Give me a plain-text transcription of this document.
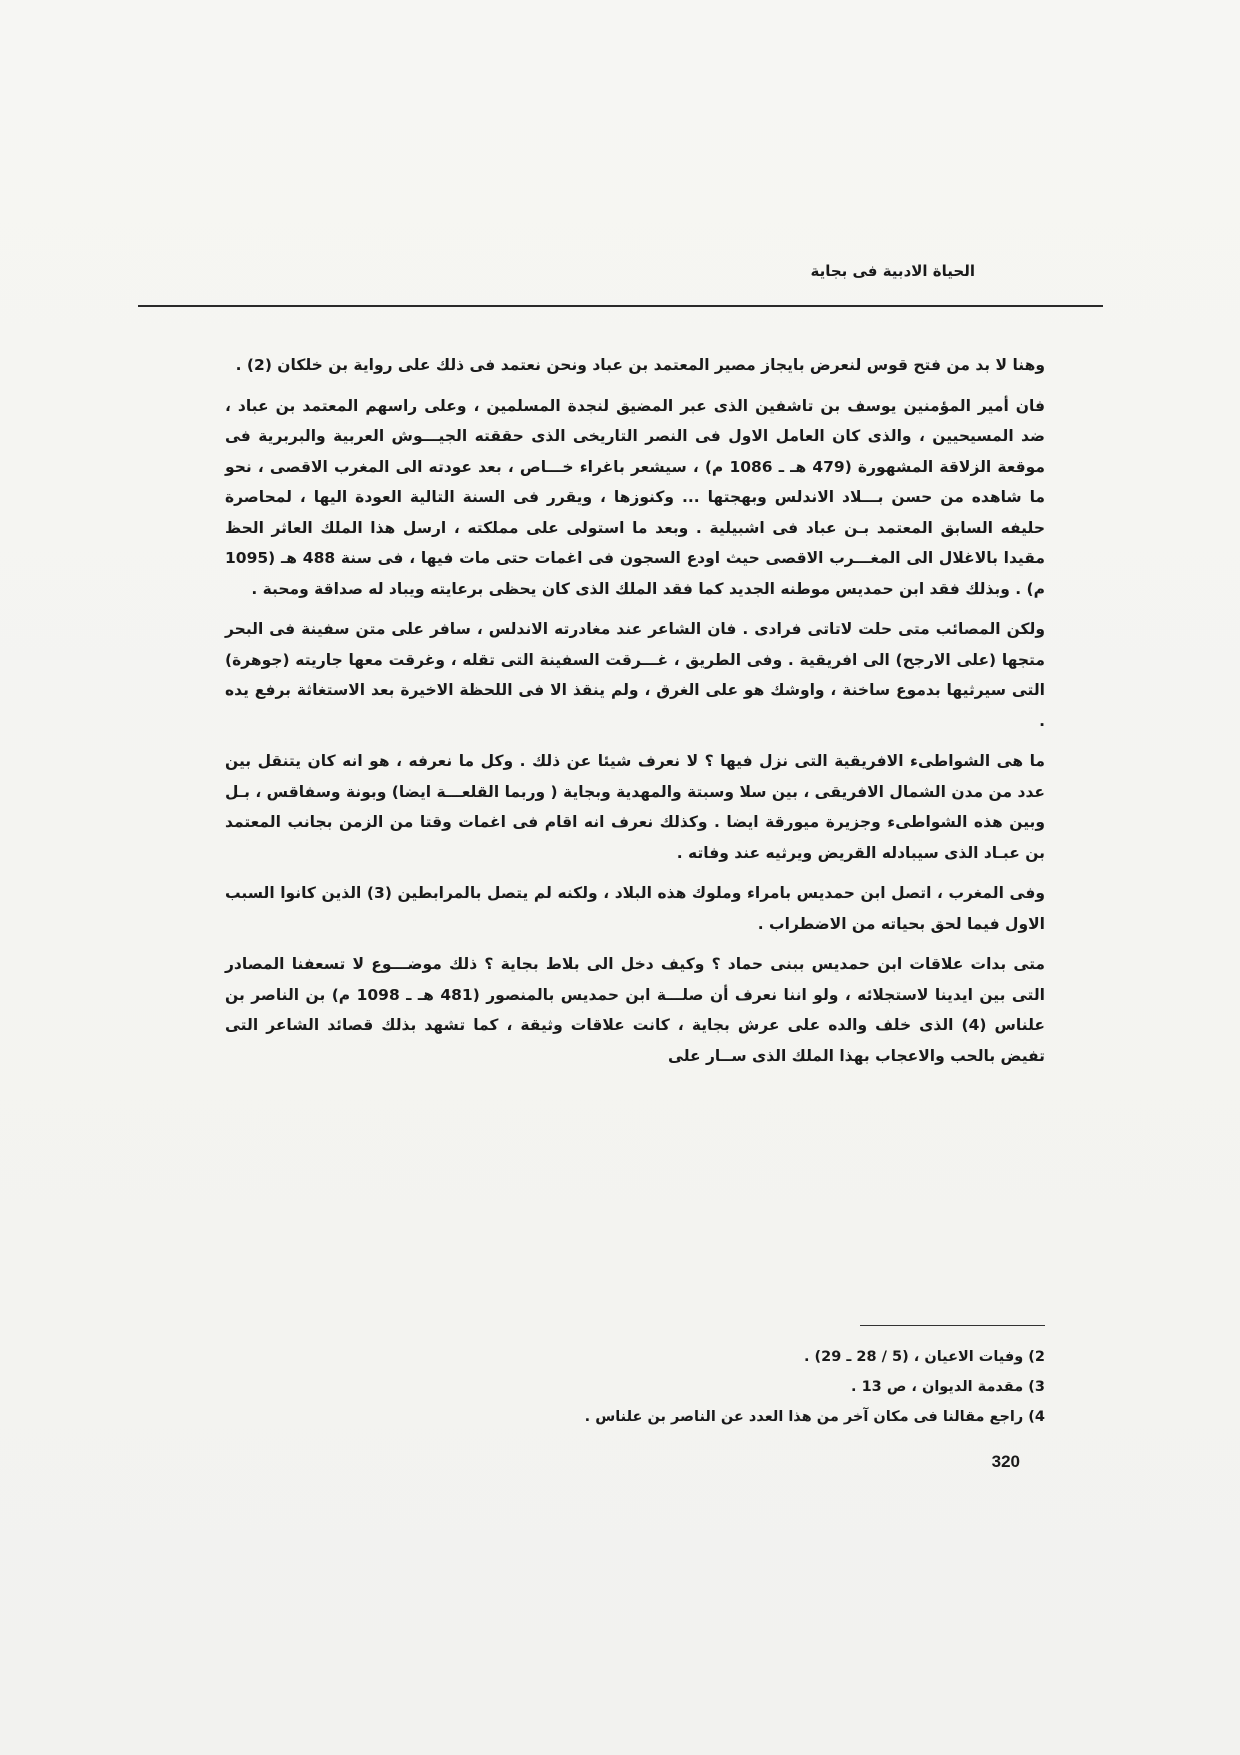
الحياة الادبية فى بجاية

وهنا لا بد من فتح قوس لنعرض بايجاز مصير المعتمد بن عباد ونحن نعتمد فى ذلك على رواية بن خلكان (2) .

فان أمير المؤمنين يوسف بن تاشفين الذى عبر المضيق لنجدة المسلمين ، وعلى راسهم المعتمد بن عباد ، ضد المسيحيين ، والذى كان العامل الاول فى النصر التاريخى الذى حققته الجيـــوش العربية والبربرية فى موقعة الزلاقة المشهورة (479 هـ ـ 1086 م) ، سيشعر باغراء خـــاص ، بعد عودته الى المغرب الاقصى ، نحو ما شاهده من حسن بـــلاد الاندلس وبهجتها ... وكنوزها ، ويقرر فى السنة التالية العودة اليها ، لمحاصرة حليفه السابق المعتمد بـن عباد فى اشبيلية . وبعد ما استولى على مملكته ، ارسل هذا الملك العاثر الحظ مقيدا بالاغلال الى المغـــرب الاقصى حيث اودع السجون فى اغمات حتى مات فيها ، فى سنة 488 هـ (1095 م) . وبذلك فقد ابن حمديس موطنه الجديد كما فقد الملك الذى كان يحظى برعايته ويباد له صداقة ومحبة .

ولكن المصائب متى حلت لاتاتى فرادى . فان الشاعر عند مغادرته الاندلس ، سافر على متن سفينة فى البحر متجها (على الارجح) الى افريقية . وفى الطريق ، غـــرقت السفينة التى تقله ، وغرقت معها جاريته (جوهرة) التى سيرثيها بدموع ساخنة ، واوشك هو على الغرق ، ولم ينقذ الا فى اللحظة الاخيرة بعد الاستغاثة برفع يده .

ما هى الشواطىء الافريقية التى نزل فيها ؟ لا نعرف شيئا عن ذلك . وكل ما نعرفه ، هو انه كان يتنقل بين عدد من مدن الشمال الافريقى ، بين سلا وسبتة والمهدية وبجاية ( وربما القلعـــة ايضا) وبونة وسفاقس ، بـل وبين هذه الشواطىء وجزيرة ميورقة ايضا . وكذلك نعرف انه اقام فى اغمات وقتا من الزمن بجانب المعتمد بن عبـاد الذى سيبادله القريض ويرثيه عند وفاته .

وفى المغرب ، اتصل ابن حمديس بامراء وملوك هذه البلاد ، ولكنه لم يتصل بالمرابطين (3) الذين كانوا السبب الاول فيما لحق بحياته من الاضطراب .

متى بدات علاقات ابن حمديس ببنى حماد ؟ وكيف دخل الى بلاط بجاية ؟ ذلك موضـــوع لا تسعفنا المصادر التى بين ايدينا لاستجلائه ، ولو اننا نعرف أن صلـــة ابن حمديس بالمنصور (481 هـ ـ 1098 م) بن الناصر بن علناس (4) الذى خلف والده على عرش بجاية ، كانت علاقات وثيقة ، كما تشهد بذلك قصائد الشاعر التى تفيض بالحب والاعجاب بهذا الملك الذى ســار على

2) وفيات الاعيان ، (5 / 28 ـ 29) .
3) مقدمة الديوان ، ص 13 .
4) راجع مقالنا فى مكان آخر من هذا العدد عن الناصر بن علناس .
320
